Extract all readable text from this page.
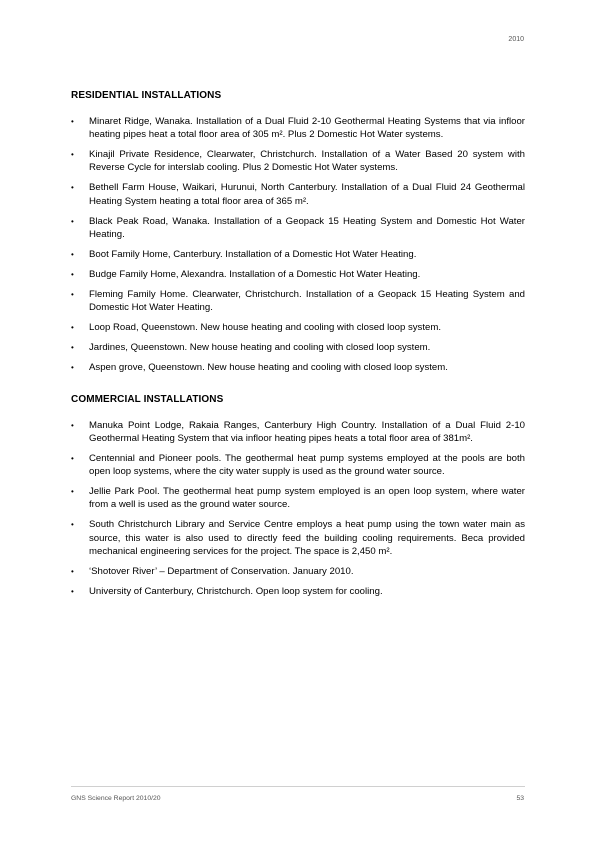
2010
RESIDENTIAL INSTALLATIONS
• Minaret Ridge, Wanaka. Installation of a Dual Fluid 2-10 Geothermal Heating Systems that via infloor heating pipes heat a total floor area of 305 m². Plus 2 Domestic Hot Water systems.
• Kinajil Private Residence, Clearwater, Christchurch. Installation of a Water Based 20 system with Reverse Cycle for interslab cooling. Plus 2 Domestic Hot Water systems.
• Bethell Farm House, Waikari, Hurunui, North Canterbury. Installation of a Dual Fluid 24 Geothermal Heating System heating a total floor area of 365 m².
• Black Peak Road, Wanaka. Installation of a Geopack 15 Heating System and Domestic Hot Water Heating.
• Boot Family Home, Canterbury. Installation of a Domestic Hot Water Heating.
• Budge Family Home, Alexandra. Installation of a Domestic Hot Water Heating.
• Fleming Family Home. Clearwater, Christchurch. Installation of a Geopack 15 Heating System and Domestic Hot Water Heating.
• Loop Road, Queenstown. New house heating and cooling with closed loop system.
• Jardines, Queenstown. New house heating and cooling with closed loop system.
• Aspen grove, Queenstown. New house heating and cooling with closed loop system.
COMMERCIAL INSTALLATIONS
• Manuka Point Lodge, Rakaia Ranges, Canterbury High Country. Installation of a Dual Fluid 2-10 Geothermal Heating System that via infloor heating pipes heats a total floor area of 381m².
• Centennial and Pioneer pools. The geothermal heat pump systems employed at the pools are both open loop systems, where the city water supply is used as the ground water source.
• Jellie Park Pool. The geothermal heat pump system employed is an open loop system, where water from a well is used as the ground water source.
• South Christchurch Library and Service Centre employs a heat pump using the town water main as source, this water is also used to directly feed the building cooling requirements. Beca provided mechanical engineering services for the project. The space is 2,450 m².
• ‘Shotover River’ – Department of Conservation. January 2010.
• University of Canterbury, Christchurch. Open loop system for cooling.
GNS Science Report 2010/20	53
